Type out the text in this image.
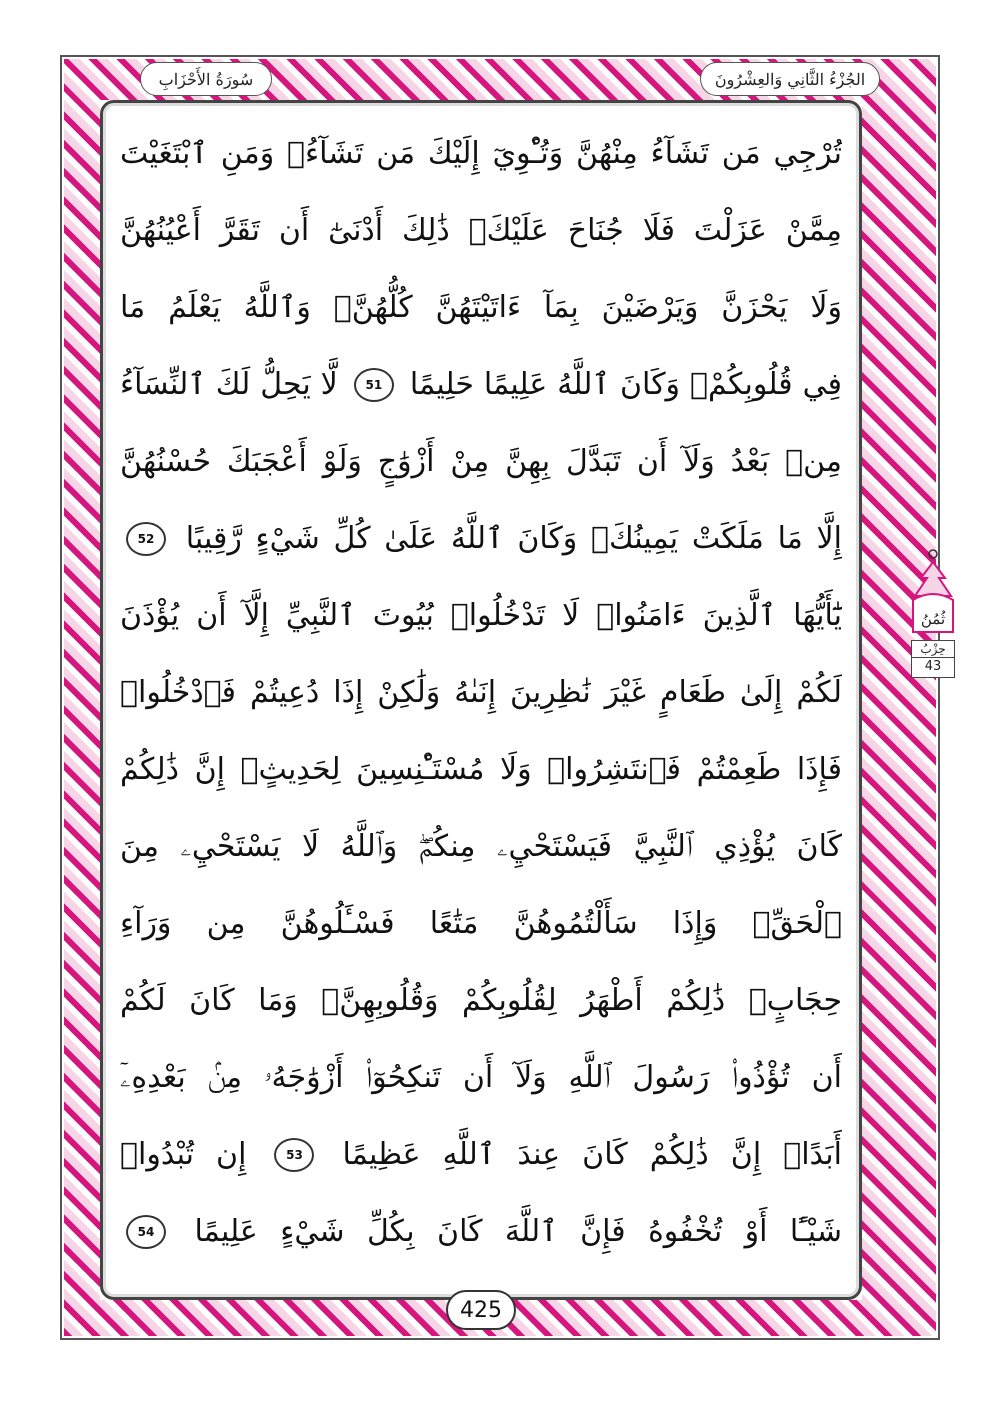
الجُزْءُ الثَّانِي وَالعِشْرُونَ
سُورَةُ الأَحْزَابِ
تُرْجِي مَن تَشَآءُ مِنْهُنَّ وَتُـْٔوِيٓ إِلَيْكَ مَن تَشَآءُۖ وَمَنِ ٱبْتَغَيْتَ
مِمَّنْ عَزَلْتَ فَلَا جُنَاحَ عَلَيْكَۚ ذَٰلِكَ أَدْنَىٰٓ أَن تَقَرَّ أَعْيُنُهُنَّ
وَلَا يَحْزَنَّ وَيَرْضَيْنَ بِمَآ ءَاتَيْتَهُنَّ كُلُّهُنَّۚ وَٱللَّهُ يَعْلَمُ مَا
فِي قُلُوبِكُمْۚ وَكَانَ ٱللَّهُ عَلِيمًا حَلِيمًا 51 لَّا يَحِلُّ لَكَ ٱلنِّسَآءُ
مِنۢ بَعْدُ وَلَآ أَن تَبَدَّلَ بِهِنَّ مِنْ أَزْوَٰجٍ وَلَوْ أَعْجَبَكَ حُسْنُهُنَّ
إِلَّا مَا مَلَكَتْ يَمِينُكَۗ وَكَانَ ٱللَّهُ عَلَىٰ كُلِّ شَيْءٍ رَّقِيبًا 52
يَٰٓأَيُّهَا ٱلَّذِينَ ءَامَنُوا۟ لَا تَدْخُلُوا۟ بُيُوتَ ٱلنَّبِيِّ إِلَّآ أَن يُؤْذَنَ
لَكُمْ إِلَىٰ طَعَامٍ غَيْرَ نَٰظِرِينَ إِنَىٰهُ وَلَٰكِنْ إِذَا دُعِيتُمْ فَٱدْخُلُوا۟
فَإِذَا طَعِمْتُمْ فَٱنتَشِرُوا۟ وَلَا مُسْتَـْٔنِسِينَ لِحَدِيثٍۚ إِنَّ ذَٰلِكُمْ
كَانَ يُؤْذِي ٱلنَّبِيَّ فَيَسْتَحْيِۦ مِنكُمْۖ وَٱللَّهُ لَا يَسْتَحْيِۦ مِنَ
ٱلْحَقِّۚ وَإِذَا سَأَلْتُمُوهُنَّ مَتَٰعًا فَسْـَٔلُوهُنَّ مِن وَرَآءِ
حِجَابٍۚ ذَٰلِكُمْ أَطْهَرُ لِقُلُوبِكُمْ وَقُلُوبِهِنَّۚ وَمَا كَانَ لَكُمْ
أَن تُؤْذُوا۟ رَسُولَ ٱللَّهِ وَلَآ أَن تَنكِحُوٓا۟ أَزْوَٰجَهُۥ مِنۢ بَعْدِهِۦٓ
أَبَدًاۚ إِنَّ ذَٰلِكُمْ كَانَ عِندَ ٱللَّهِ عَظِيمًا 53 إِن تُبْدُوا۟
شَيْـًٔا أَوْ تُخْفُوهُ فَإِنَّ ٱللَّهَ كَانَ بِكُلِّ شَيْءٍ عَلِيمًا 54
ثُمُنُ
حِزْبُ
43
425
